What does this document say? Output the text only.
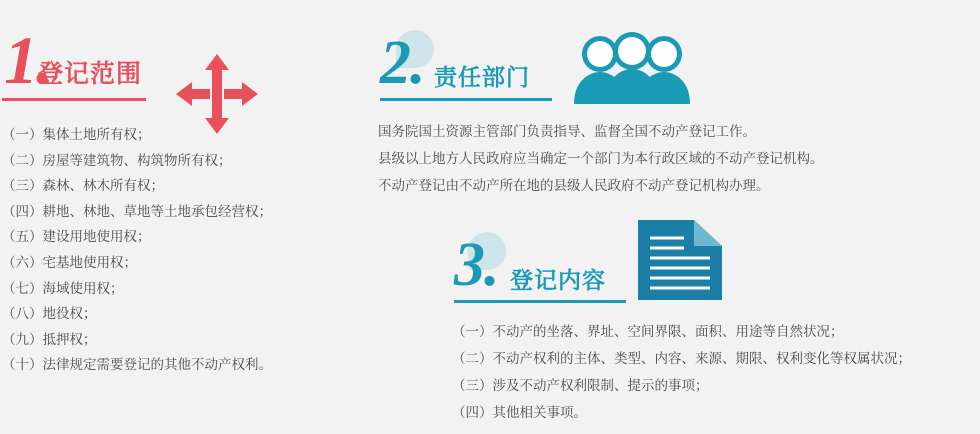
1.
登记范围
（一）集体土地所有权；
（二）房屋等建筑物、构筑物所有权；
（三）森林、林木所有权；
（四）耕地、林地、草地等土地承包经营权；
（五）建设用地使用权；
（六）宅基地使用权；
（七）海域使用权；
（八）地役权；
（九）抵押权；
（十）法律规定需要登记的其他不动产权利。
2. 责任部门
国务院国土资源主管部门负责指导、监督全国不动产登记工作。
县级以上地方人民政府应当确定一个部门为本行政区域的不动产登记机构。
不动产登记由不动产所在地的县级人民政府不动产登记机构办理。
3. 登记内容
（一）不动产的坐落、界址、空间界限、面积、用途等自然状况；
（二）不动产权利的主体、类型、内容、来源、期限、权利变化等权属状况；
（三）涉及不动产权利限制、提示的事项；
（四）其他相关事项。
